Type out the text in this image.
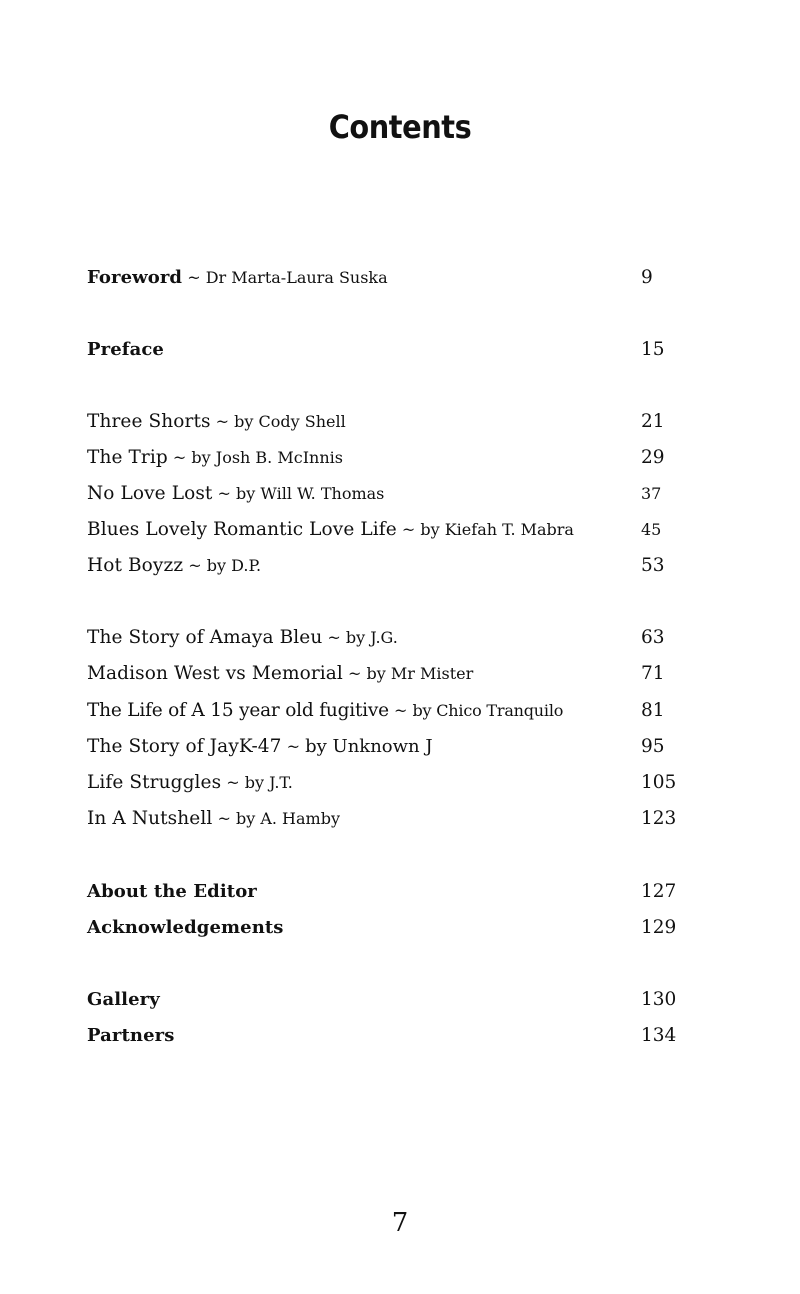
Contents
Foreword ~ Dr Marta-Laura Suska	9
Preface	15
Three Shorts ~ by Cody Shell	21
The Trip ~ by Josh B. McInnis	29
No Love Lost ~ by Will W. Thomas	37
Blues Lovely Romantic Love Life ~ by Kiefah T. Mabra	45
Hot Boyzz ~ by D.P.	53
The Story of Amaya Bleu ~ by J.G.	63
Madison West vs Memorial ~ by Mr Mister	71
The Life of A 15 year old fugitive ~ by Chico Tranquilo	81
The Story of JayK-47 ~ by Unknown J	95
Life Struggles ~ by J.T.	105
In A Nutshell ~ by A. Hamby	123
About the Editor	127
Acknowledgements	129
Gallery	130
Partners	134
7
